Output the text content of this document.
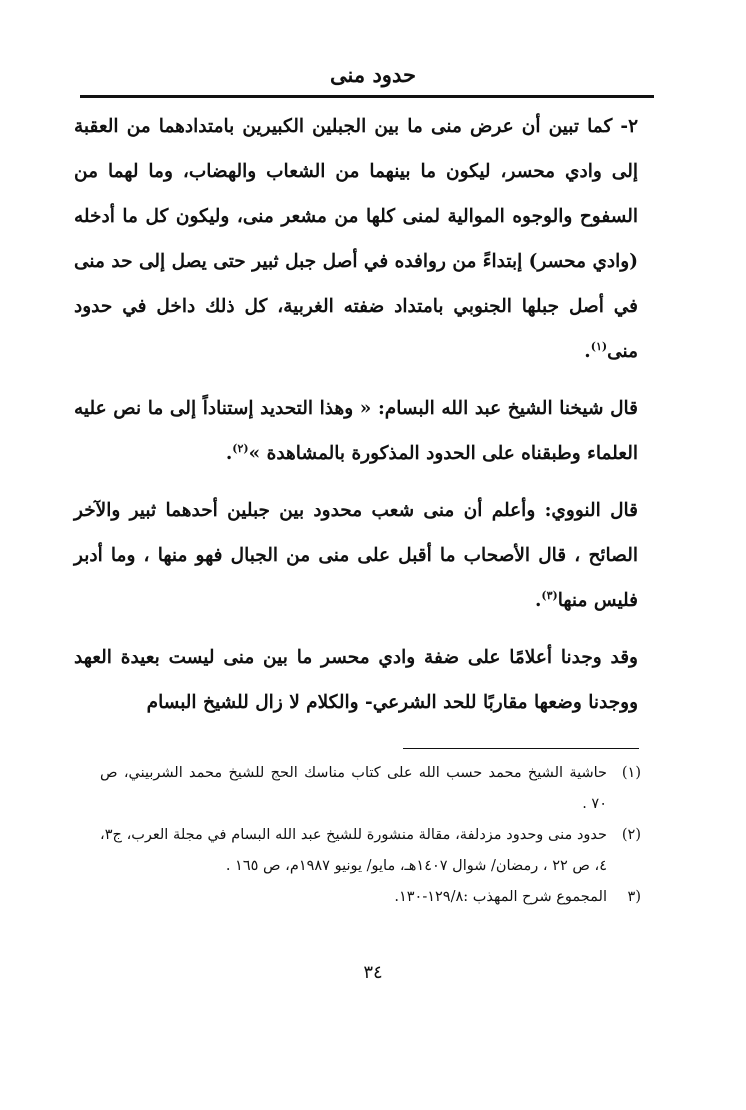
حدود منى

٢- كما تبين أن عرض منى ما بين الجبلين الكبيرين بامتدادهما من العقبة إلى وادي محسر، ليكون ما بينهما من الشعاب والهضاب، وما لهما من السفوح والوجوه الموالية لمنى كلها من مشعر منى، وليكون كل ما أدخله (وادي محسر) إبتداءً من روافده في أصل جبل ثبير حتى يصل إلى حد منى في أصل جبلها الجنوبي بامتداد ضفته الغربية، كل ذلك داخل في حدود منى$^{(١)}$.

قال شيخنا الشيخ عبد الله البسام: « وهذا التحديد إستناداً إلى ما نص عليه العلماء وطبقناه على الحدود المذكورة بالمشاهدة »$^{(٢)}$.

قال النووي: وأعلم أن منى شعب محدود بين جبلين أحدهما ثبير والآخر الصائح ، قال الأصحاب ما أقبل على منى من الجبال فهو منها ، وما أدبر فليس منها$^{(٣)}$.

وقد وجدنا أعلامًا على ضفة وادي محسر ما بين منى ليست بعيدة العهد ووجدنا وضعها مقاربًا للحد الشرعي- والكلام لا زال للشيخ البسام

(١)
حاشية الشيخ محمد حسب الله على كتاب مناسك الحج للشيخ محمد الشربيني، ص ٧٠ .
(٢)
حدود منى وحدود مزدلفة، مقالة منشورة للشيخ عبد الله البسام في مجلة العرب، ج٣، ٤، ص ٢٢ ، رمضان/ شوال ١٤٠٧هـ، مايو/ يونيو ١٩٨٧م، ص ١٦٥ .
(٣
المجموع شرح المهذب :١٢٩/٨-١٣٠.
٣٤
